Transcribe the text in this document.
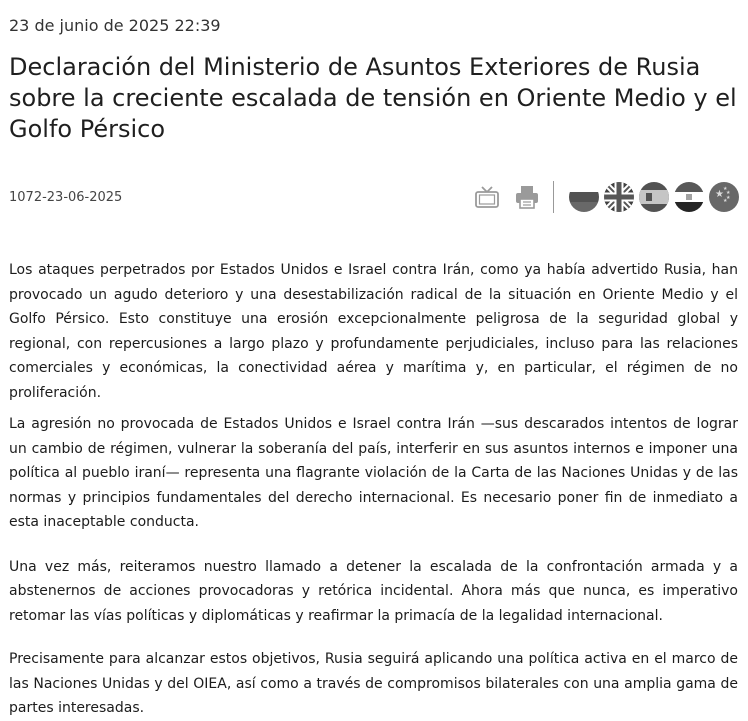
23 de junio de 2025 22:39
Declaración del Ministerio de Asuntos Exteriores de Rusia sobre la creciente escalada de tensión en Oriente Medio y el Golfo Pérsico
1072-23-06-2025	★ ★
★
★
★

Los ataques perpetrados por Estados Unidos e Israel contra Irán, como ya había advertido Rusia, han provocado un agudo deterioro y una desestabilización radical de la situación en Oriente Medio y el Golfo Pérsico. Esto constituye una erosión excepcionalmente peligrosa de la seguridad global y regional, con repercusiones a largo plazo y profundamente perjudiciales, incluso para las relaciones comerciales y económicas, la conectividad aérea y marítima y, en particular, el régimen de no proliferación.

La agresión no provocada de Estados Unidos e Israel contra Irán —sus descarados intentos de lograr un cambio de régimen, vulnerar la soberanía del país, interferir en sus asuntos internos e imponer una política al pueblo iraní— representa una flagrante violación de la Carta de las Naciones Unidas y de las normas y principios fundamentales del derecho internacional. Es necesario poner fin de inmediato a esta inaceptable conducta.

Una vez más, reiteramos nuestro llamado a detener la escalada de la confrontación armada y a abstenernos de acciones provocadoras y retórica incidental. Ahora más que nunca, es imperativo retomar las vías políticas y diplomáticas y reafirmar la primacía de la legalidad internacional.

Precisamente para alcanzar estos objetivos, Rusia seguirá aplicando una política activa en el marco de las Naciones Unidas y del OIEA, así como a través de compromisos bilaterales con una amplia gama de partes interesadas.
